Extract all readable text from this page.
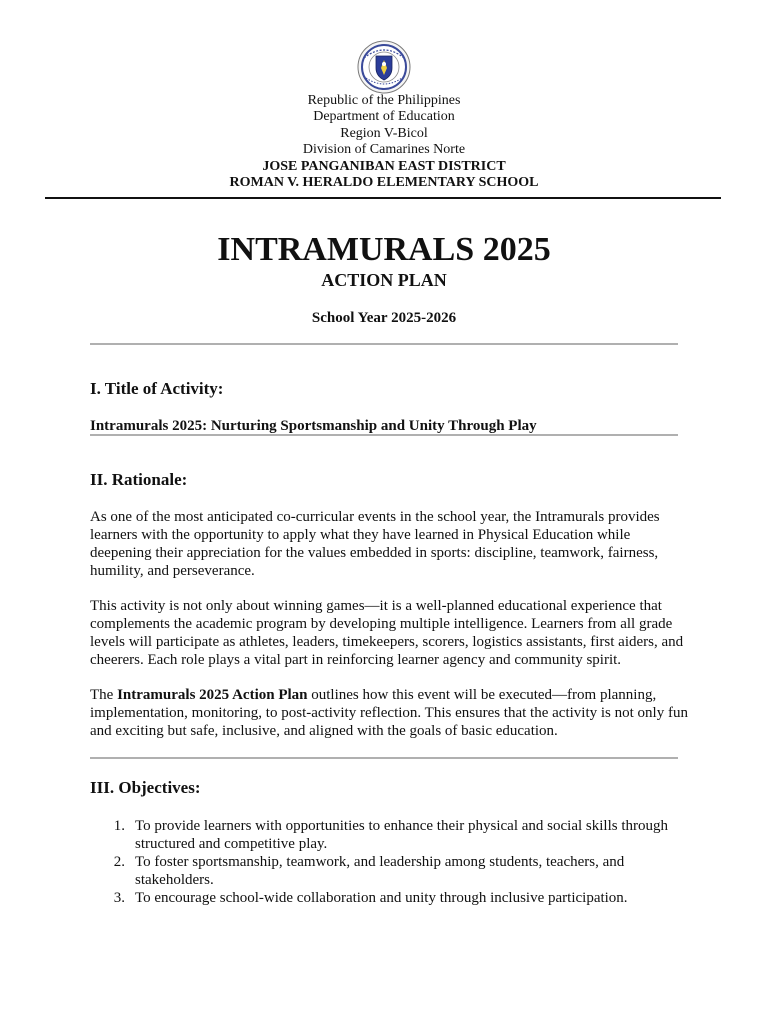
Republic of the Philippines
Department of Education
Region V-Bicol
Division of Camarines Norte
JOSE PANGANIBAN EAST DISTRICT
ROMAN V. HERALDO ELEMENTARY SCHOOL
INTRAMURALS 2025
ACTION PLAN
School Year 2025-2026
I. Title of Activity:
Intramurals 2025: Nurturing Sportsmanship and Unity Through Play
II. Rationale:
As one of the most anticipated co-curricular events in the school year, the Intramurals provides learners with the opportunity to apply what they have learned in Physical Education while deepening their appreciation for the values embedded in sports: discipline, teamwork, fairness, humility, and perseverance.
This activity is not only about winning games—it is a well-planned educational experience that complements the academic program by developing multiple intelligence. Learners from all grade levels will participate as athletes, leaders, timekeepers, scorers, logistics assistants, first aiders, and cheerers. Each role plays a vital part in reinforcing learner agency and community spirit.
The Intramurals 2025 Action Plan outlines how this event will be executed—from planning, implementation, monitoring, to post-activity reflection. This ensures that the activity is not only fun and exciting but safe, inclusive, and aligned with the goals of basic education.
III. Objectives:
1. To provide learners with opportunities to enhance their physical and social skills through structured and competitive play.
2. To foster sportsmanship, teamwork, and leadership among students, teachers, and stakeholders.
3. To encourage school-wide collaboration and unity through inclusive participation.
